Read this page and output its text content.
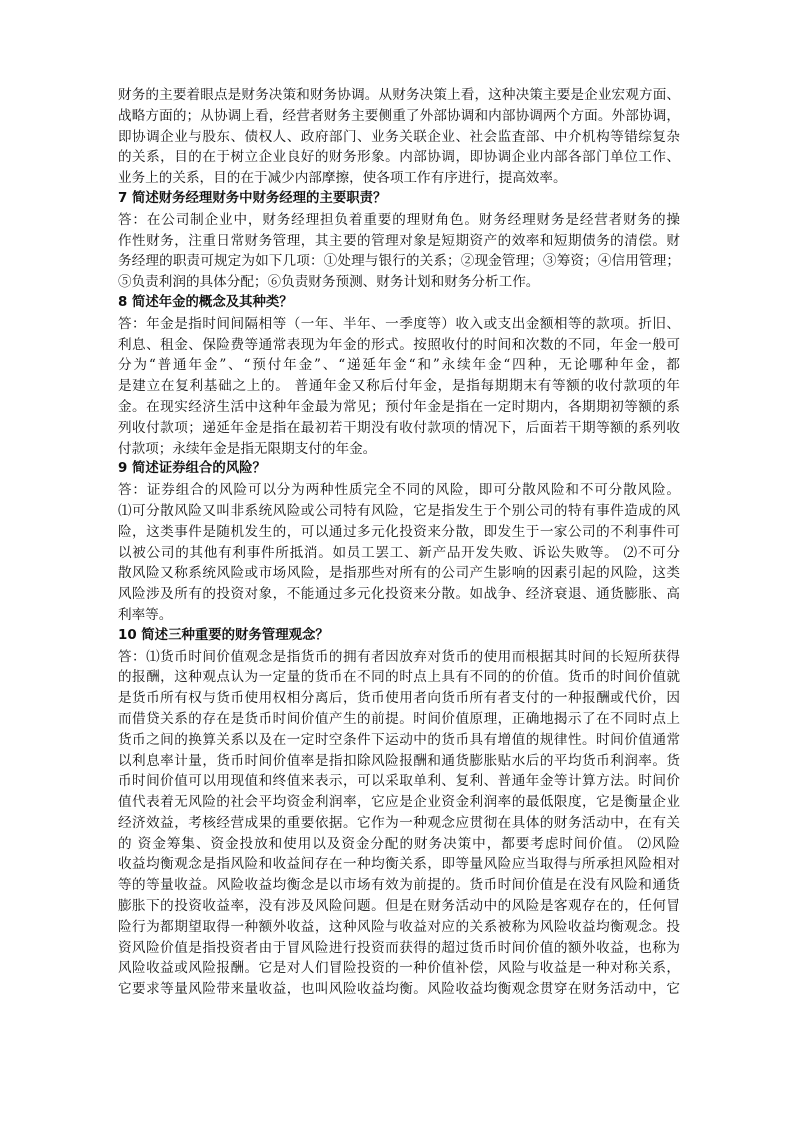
财务的主要着眼点是财务决策和财务协调。从财务决策上看，这种决策主要是企业宏观方面、
战略方面的；从协调上看，经营者财务主要侧重了外部协调和内部协调两个方面。外部协调，
即协调企业与股东、债权人、政府部门、业务关联企业、社会监査部、中介机构等错综复杂
的关系，目的在于树立企业良好的财务形象。内部协调，即协调企业内部各部门单位工作、
业务上的关系，目的在于减少内部摩擦，使各项工作有序进行，提高效率。
7 简述财务经理财务中财务经理的主要职责？
答：在公司制企业中，财务经理担负着重要的理财角色。财务经理财务是经营者财务的操
作性财务，注重日常财务管理，其主要的管理对象是短期资产的效率和短期债务的清偿。财
务经理的职责可规定为如下几项：①处理与银行的关系；②现金管理；③筹资；④信用管理；
⑤负责利润的具体分配；⑥负责财务预测、财务计划和财务分析工作。
8 简述年金的概念及其种类？
答：年金是指时间间隔相等（一年、半年、一季度等）收入或支出金额相等的款项。折旧、
利息、租金、保险费等通常表现为年金的形式。按照收付的时间和次数的不同，年金一般可
分为“普通年金”、“预付年金”、“递延年金“和”永续年金“四种，无论哪种年金，都
是建立在复利基础之上的。 普通年金又称后付年金，是指每期期末有等额的收付款项的年
金。在现实经济生活中这种年金最为常见；预付年金是指在一定时期内，各期期初等额的系
列收付款项；递延年金是指在最初若干期没有收付款项的情况下，后面若干期等额的系列收
付款项；永续年金是指无限期支付的年金。
9 简述证券组合的风险？
答：证券组合的风险可以分为两种性质完全不同的风险，即可分散风险和不可分散风险。
⑴可分散风险又叫非系统风险或公司特有风险，它是指发生于个别公司的特有事件造成的风
险，这类事件是随机发生的，可以通过多元化投资来分散，即发生于一家公司的不利事件可
以被公司的其他有利事件所抵消。如员工罢工、新产品开发失败、诉讼失败等。 ⑵不可分
散风险又称系统风险或市场风险，是指那些对所有的公司产生影响的因素引起的风险，这类
风险涉及所有的投资对象，不能通过多元化投资来分散。如战争、经济衰退、通货膨胀、高
利率等。
10 简述三种重要的财务管理观念？
答：⑴货币时间价值观念是指货币的拥有者因放弃对货币的使用而根据其时间的长短所获得
的报酬，这种观点认为一定量的货币在不同的时点上具有不同的的价值。货币的时间价值就
是货币所有权与货币使用权相分离后，货币使用者向货币所有者支付的一种报酬或代价，因
而借贷关系的存在是货币时间价值产生的前提。时间价值原理，正确地揭示了在不同时点上
货币之间的换算关系以及在一定时空条件下运动中的货币具有增值的规律性。时间价值通常
以利息率计量，货币时间价值率是指扣除风险报酬和通货膨胀贴水后的平均货币利润率。货
币时间价值可以用现值和终值来表示，可以采取单利、复利、普通年金等计算方法。时间价
值代表着无风险的社会平均资金利润率，它应是企业资金利润率的最低限度，它是衡量企业
经济效益，考核经营成果的重要依据。它作为一种观念应贯彻在具体的财务活动中，在有关
的 资金筹集、资金投放和使用以及资金分配的财务决策中，都要考虑时间价值。 ⑵风险
收益均衡观念是指风险和收益间存在一种均衡关系，即等量风险应当取得与所承担风险相对
等的等量收益。风险收益均衡念是以市场有效为前提的。货币时间价值是在没有风险和通货
膨胀下的投资收益率，没有涉及风险问题。但是在财务活动中的风险是客观存在的，任何冒
险行为都期望取得一种额外收益，这种风险与收益对应的关系被称为风险收益均衡观念。投
资风险价值是指投资者由于冒风险进行投资而获得的超过货币时间价值的额外收益，也称为
风险收益或风险报酬。它是对人们冒险投资的一种价值补偿，风险与收益是一种对称关系，
它要求等量风险带来量收益，也叫风险收益均衡。风险收益均衡观念贯穿在财务活动中，它
